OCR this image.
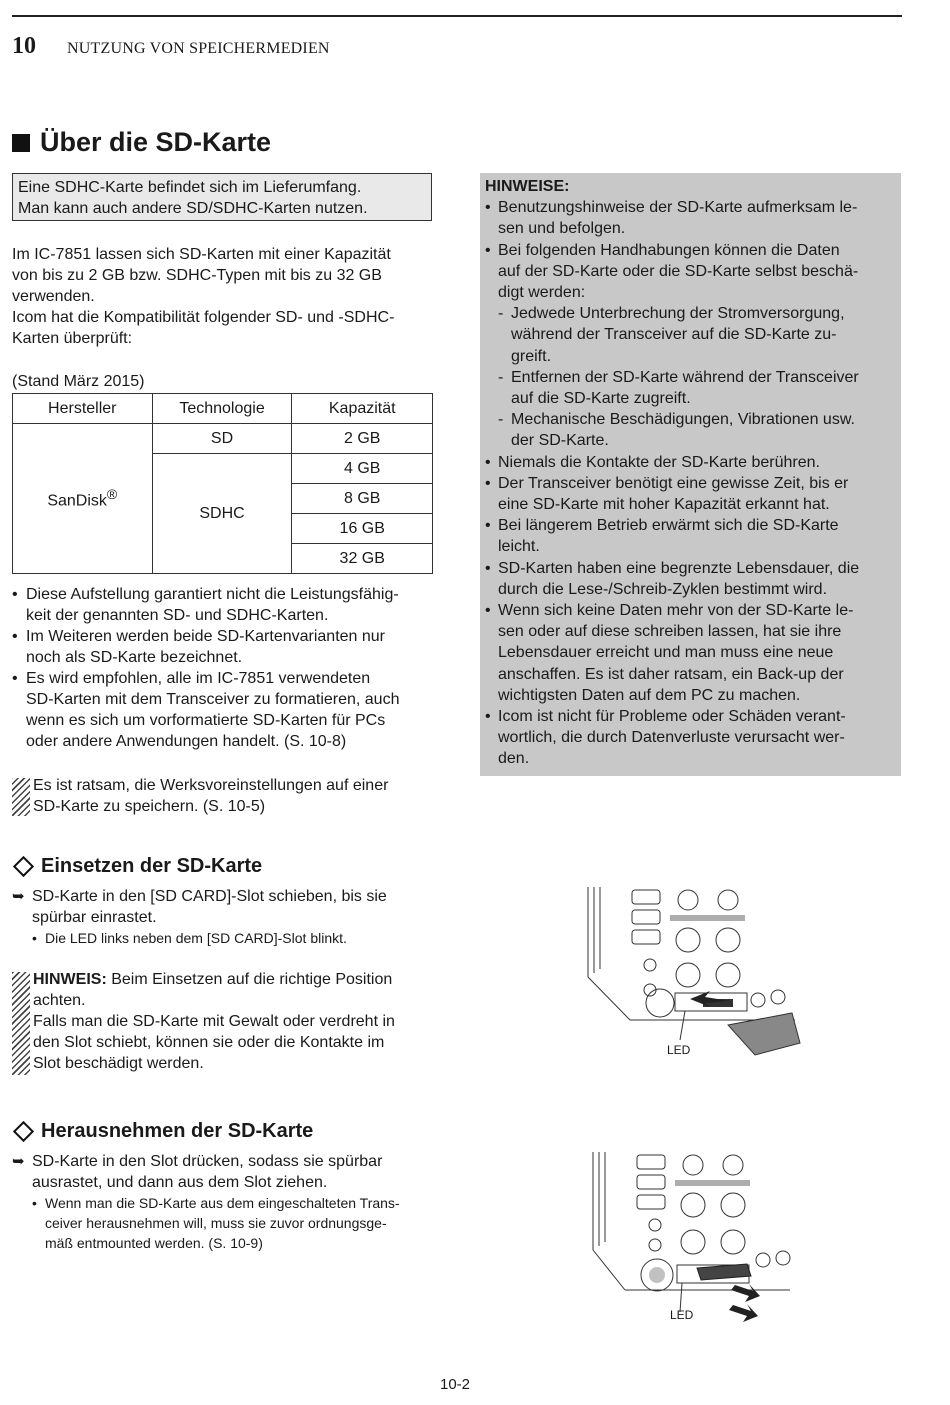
10 NUTZUNG VON SPEICHERMEDIEN
Über die SD-Karte
Eine SDHC-Karte befindet sich im Lieferumfang.
Man kann auch andere SD/SDHC-Karten nutzen.
Im IC-7851 lassen sich SD-Karten mit einer Kapazität
von bis zu 2 GB bzw. SDHC-Typen mit bis zu 32 GB
verwenden.
Icom hat die Kompatibilität folgender SD- und -SDHC-
Karten überprüft:
(Stand März 2015)
Hersteller	Technologie	Kapazität
SanDisk®	SD	2 GB
	SDHC	4 GB
		8 GB
		16 GB
		32 GB
• Diese Aufstellung garantiert nicht die Leistungsfähig-
keit der genannten SD- und SDHC-Karten.
• Im Weiteren werden beide SD-Kartenvarianten nur
noch als SD-Karte bezeichnet.
• Es wird empfohlen, alle im IC-7851 verwendeten
SD-Karten mit dem Transceiver zu formatieren, auch
wenn es sich um vorformatierte SD-Karten für PCs
oder andere Anwendungen handelt. (S. 10-8)
Es ist ratsam, die Werksvoreinstellungen auf einer
SD-Karte zu speichern. (S. 10-5)
HINWEISE:
• Benutzungshinweise der SD-Karte aufmerksam le-
sen und befolgen.
• Bei folgenden Handhabungen können die Daten
auf der SD-Karte oder die SD-Karte selbst beschä-
digt werden:
- Jedwede Unterbrechung der Stromversorgung,
während der Transceiver auf die SD-Karte zu-
greift.
- Entfernen der SD-Karte während der Transceiver
auf die SD-Karte zugreift.
- Mechanische Beschädigungen, Vibrationen usw.
der SD-Karte.
• Niemals die Kontakte der SD-Karte berühren.
• Der Transceiver benötigt eine gewisse Zeit, bis er
eine SD-Karte mit hoher Kapazität erkannt hat.
• Bei längerem Betrieb erwärmt sich die SD-Karte
leicht.
• SD-Karten haben eine begrenzte Lebensdauer, die
durch die Lese-/Schreib-Zyklen bestimmt wird.
• Wenn sich keine Daten mehr von der SD-Karte le-
sen oder auf diese schreiben lassen, hat sie ihre
Lebensdauer erreicht und man muss eine neue
anschaffen. Es ist daher ratsam, ein Back-up der
wichtigsten Daten auf dem PC zu machen.
• Icom ist nicht für Probleme oder Schäden verant-
wortlich, die durch Datenverluste verursacht wer-
den.
Einsetzen der SD-Karte
➥ SD-Karte in den [SD CARD]-Slot schieben, bis sie
spürbar einrastet.
• Die LED links neben dem [SD CARD]-Slot blinkt.
HINWEIS: Beim Einsetzen auf die richtige Position
achten.
Falls man die SD-Karte mit Gewalt oder verdreht in
den Slot schiebt, können sie oder die Kontakte im
Slot beschädigt werden.
LED
Herausnehmen der SD-Karte
➥ SD-Karte in den Slot drücken, sodass sie spürbar
ausrastet, und dann aus dem Slot ziehen.
• Wenn man die SD-Karte aus dem eingeschalteten Trans-
ceiver herausnehmen will, muss sie zuvor ordnungsge-
mäß entmounted werden. (S. 10-9)
LED
10-2
